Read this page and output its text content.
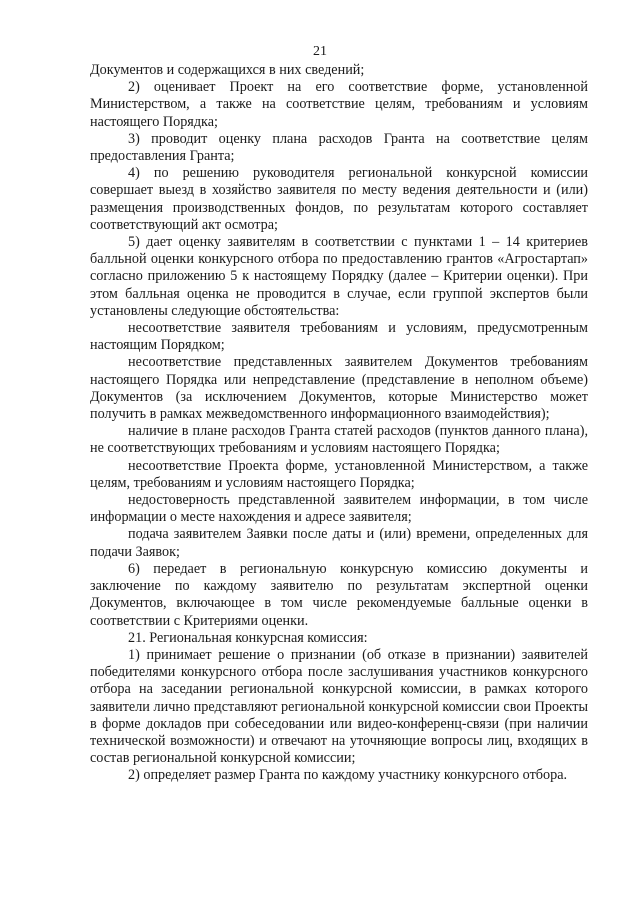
21

Документов и содержащихся в них сведений;

2) оценивает Проект на его соответствие форме, установленной Министерством, а также на соответствие целям, требованиям и условиям настоящего Порядка;

3) проводит оценку плана расходов Гранта на соответствие целям предоставления Гранта;

4) по решению руководителя региональной конкурсной комиссии совершает выезд в хозяйство заявителя по месту ведения деятельности и (или) размещения производственных фондов, по результатам которого составляет соответствующий акт осмотра;

5) дает оценку заявителям в соответствии с пунктами 1 – 14 критериев балльной оценки конкурсного отбора по предоставлению грантов «Агростартап» согласно приложению 5 к настоящему Порядку (далее – Критерии оценки). При этом балльная оценка не проводится в случае, если группой экспертов были установлены следующие обстоятельства:

несоответствие заявителя требованиям и условиям, предусмотренным настоящим Порядком;

несоответствие представленных заявителем Документов требованиям настоящего Порядка или непредставление (представление в неполном объеме) Документов (за исключением Документов, которые Министерство может получить в рамках межведомственного информационного взаимодействия);

наличие в плане расходов Гранта статей расходов (пунктов данного плана), не соответствующих требованиям и условиям настоящего Порядка;

несоответствие Проекта форме, установленной Министерством, а также целям, требованиям и условиям настоящего Порядка;

недостоверность представленной заявителем информации, в том числе информации о месте нахождения и адресе заявителя;

подача заявителем Заявки после даты и (или) времени, определенных для подачи Заявок;

6) передает в региональную конкурсную комиссию документы и заключение по каждому заявителю по результатам экспертной оценки Документов, включающее в том числе рекомендуемые балльные оценки в соответствии с Критериями оценки.

21. Региональная конкурсная комиссия:

1) принимает решение о признании (об отказе в признании) заявителей победителями конкурсного отбора после заслушивания участников конкурсного отбора на заседании региональной конкурсной комиссии, в рамках которого заявители лично представляют региональной конкурсной комиссии свои Проекты в форме докладов при собеседовании или видео-конференц-связи (при наличии технической возможности) и отвечают на уточняющие вопросы лиц, входящих в состав региональной конкурсной комиссии;

2) определяет размер Гранта по каждому участнику конкурсного отбора.
